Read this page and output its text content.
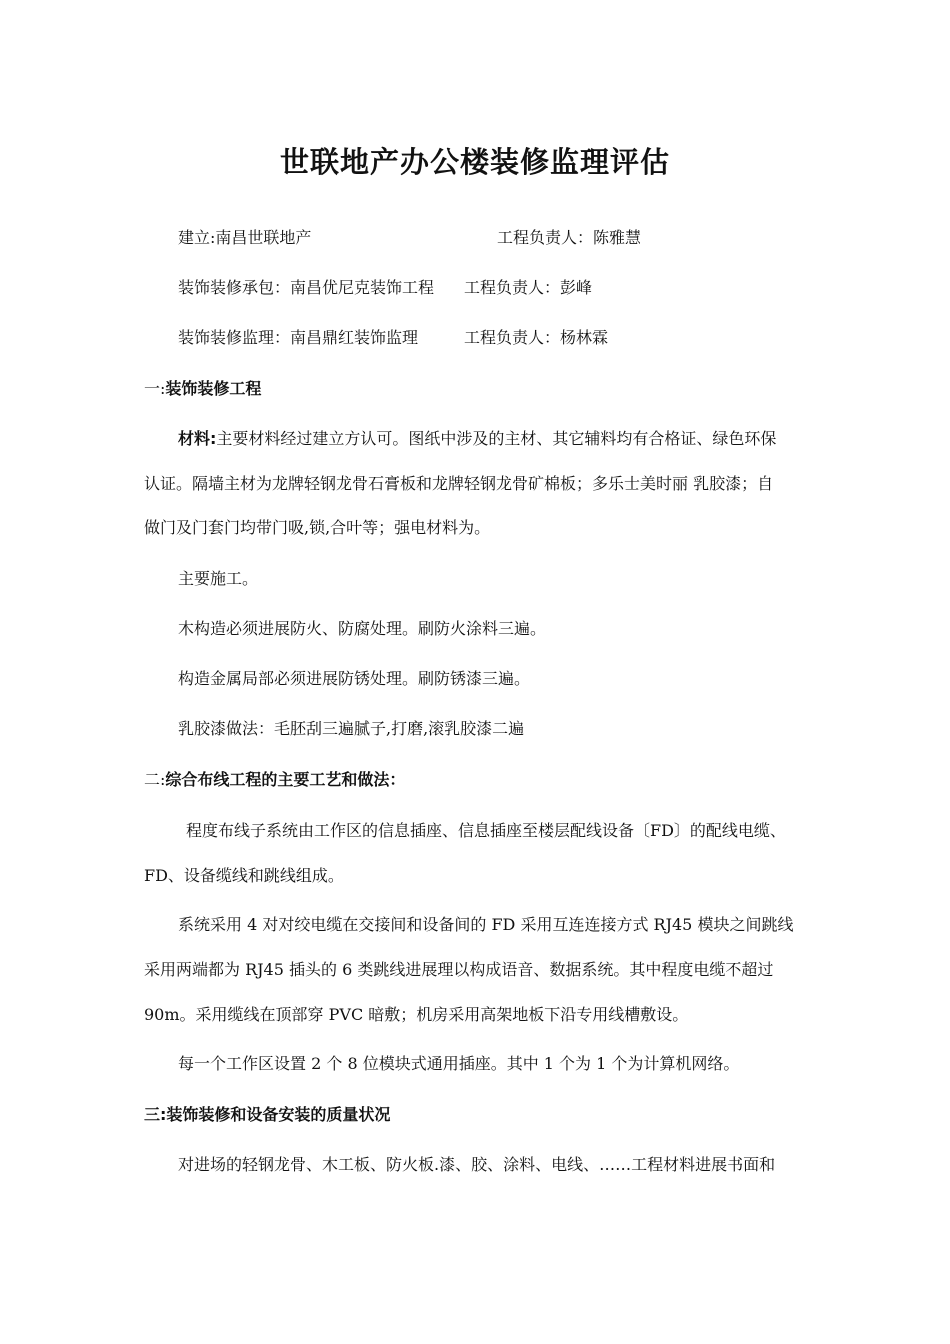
世联地产办公楼装修监理评估
建立:南昌世联地产	工程负责人：陈雅慧
装饰装修承包：南昌优尼克装饰工程 工程负责人：彭峰
装饰装修监理：南昌鼎红装饰监理	工程负责人：杨林霖
一:装饰装修工程
材料:主要材料经过建立方认可。图纸中涉及的主材、其它辅料均有合格证、绿色环保
认证。隔墙主材为龙牌轻钢龙骨石膏板和龙牌轻钢龙骨矿棉板；多乐士美时丽 乳胶漆；自
做门及门套门均带门吸,锁,合叶等；强电材料为。
主要施工。
木构造必须进展防火、防腐处理。刷防火涂料三遍。
构造金属局部必须进展防锈处理。刷防锈漆三遍。
乳胶漆做法：毛胚刮三遍腻子,打磨,滚乳胶漆二遍
二:综合布线工程的主要工艺和做法：
程度布线子系统由工作区的信息插座、信息插座至楼层配线设备〔FD〕的配线电缆、
FD、设备缆线和跳线组成。
系统采用 4 对对绞电缆在交接间和设备间的 FD 采用互连连接方式 RJ45 模块之间跳线
采用两端都为 RJ45 插头的 6 类跳线进展理以构成语音、数据系统。其中程度电缆不超过
90m。采用缆线在顶部穿 PVC 暗敷；机房采用高架地板下沿专用线槽敷设。
每一个工作区设置 2 个 8 位模块式通用插座。其中 1 个为 1 个为计算机网络。
三:装饰装修和设备安装的质量状况
对进场的轻钢龙骨、木工板、防火板.漆、胶、涂料、电线、……工程材料进展书面和
